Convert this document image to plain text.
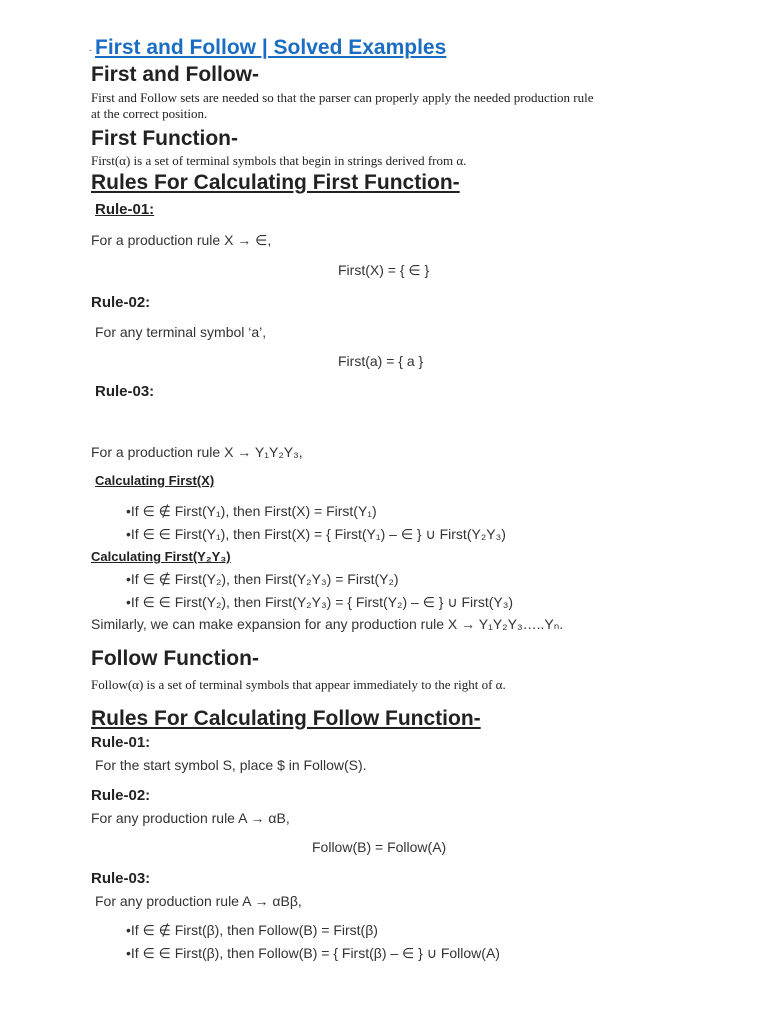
- First and Follow | Solved Examples
First and Follow-
First and Follow sets are needed so that the parser can properly apply the needed production rule
at the correct position.
First Function-
First(α) is a set of terminal symbols that begin in strings derived from α.
Rules For Calculating First Function-
Rule-01:
For a production rule X → ∈,
First(X) = { ∈ }
Rule-02:
For any terminal symbol ‘a’,
First(a) = { a }
Rule-03:
For a production rule X → Y₁Y₂Y₃,
Calculating First(X)
•If ∈ ∉ First(Y₁), then First(X) = First(Y₁)
•If ∈ ∈ First(Y₁), then First(X) = { First(Y₁) – ∈ } ∪ First(Y₂Y₃)
Calculating First(Y₂Y₃)
•If ∈ ∉ First(Y₂), then First(Y₂Y₃) = First(Y₂)
•If ∈ ∈ First(Y₂), then First(Y₂Y₃) = { First(Y₂) – ∈ } ∪ First(Y₃)
Similarly, we can make expansion for any production rule X → Y₁Y₂Y₃…..Yₙ.
Follow Function-
Follow(α) is a set of terminal symbols that appear immediately to the right of α.
Rules For Calculating Follow Function-
Rule-01:
For the start symbol S, place $ in Follow(S).
Rule-02:
For any production rule A → αB,
Follow(B) = Follow(A)
Rule-03:
For any production rule A → αBβ,
•If ∈ ∉ First(β), then Follow(B) = First(β)
•If ∈ ∈ First(β), then Follow(B) = { First(β) – ∈ } ∪ Follow(A)
